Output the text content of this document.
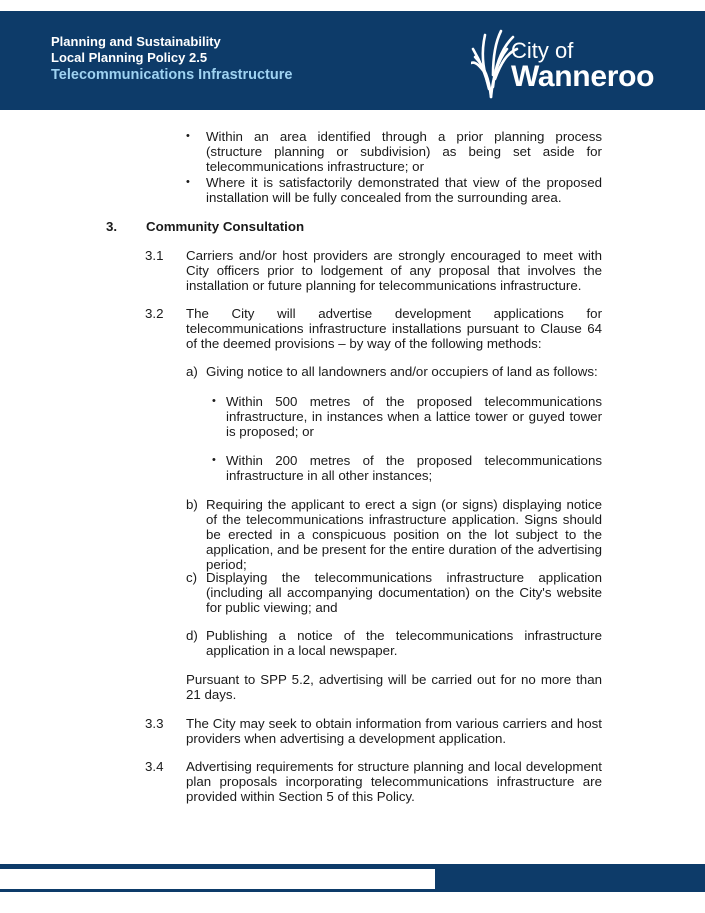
Planning and Sustainability
Local Planning Policy 2.5
Telecommunications Infrastructure
City of
Wanneroo
• Within an area identified through a prior planning process (structure planning or subdivision) as being set aside for telecommunications infrastructure; or
• Where it is satisfactorily demonstrated that view of the proposed installation will be fully concealed from the surrounding area.
3. Community Consultation
3.1 Carriers and/or host providers are strongly encouraged to meet with City officers prior to lodgement of any proposal that involves the installation or future planning for telecommunications infrastructure.
3.2 The City will advertise development applications for telecommunications infrastructure installations pursuant to Clause 64 of the deemed provisions – by way of the following methods:
a) Giving notice to all landowners and/or occupiers of land as follows:
• Within 500 metres of the proposed telecommunications infrastructure, in instances when a lattice tower or guyed tower is proposed; or
• Within 200 metres of the proposed telecommunications infrastructure in all other instances;
b) Requiring the applicant to erect a sign (or signs) displaying notice of the telecommunications infrastructure application. Signs should be erected in a conspicuous position on the lot subject to the application, and be present for the entire duration of the advertising period;
c) Displaying the telecommunications infrastructure application (including all accompanying documentation) on the City's website for public viewing; and
d) Publishing a notice of the telecommunications infrastructure application in a local newspaper.
Pursuant to SPP 5.2, advertising will be carried out for no more than 21 days.
3.3 The City may seek to obtain information from various carriers and host providers when advertising a development application.
3.4 Advertising requirements for structure planning and local development plan proposals incorporating telecommunications infrastructure are provided within Section 5 of this Policy.
